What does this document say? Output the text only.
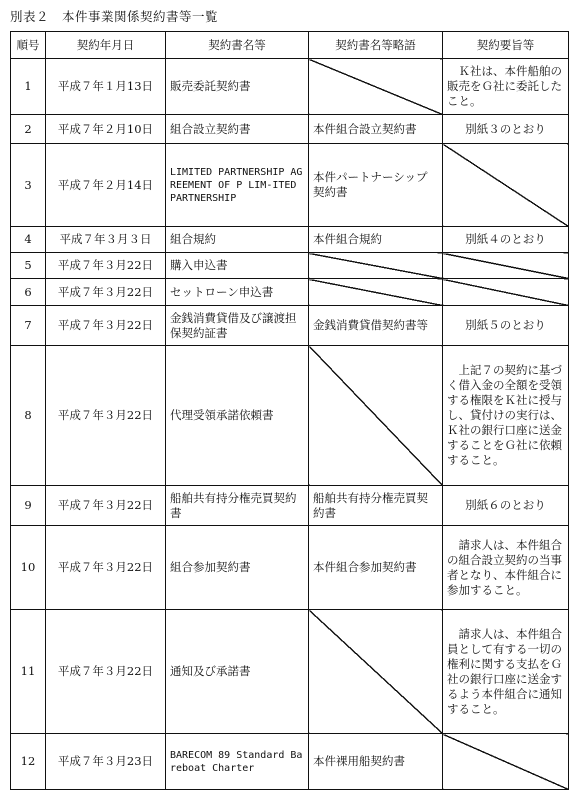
別表２　本件事業関係契約書等一覧
順号	契約年月日	契約書名等	契約書名等略語	契約要旨等
1	平成７年１月13日	販売委託契約書		Ｋ社は、本件船舶の販売をＧ社に委託したこと。

2	平成７年２月10日	組合設立契約書	本件組合設立契約書	別紙３のとおり
3	平成７年２月14日	LIMITED PARTNERSHIP AGREEMENT OF P LIM-ITED PARTNERSHIP	本件パートナーシップ契約書	
4	平成７年３月３日	組合規約	本件組合規約	別紙４のとおり
5	平成７年３月22日	購入申込書		
6	平成７年３月22日	セットローン申込書		
7	平成７年３月22日	金銭消費貸借及び譲渡担保契約証書	金銭消費貸借契約書等	別紙５のとおり
8	平成７年３月22日	代理受領承諾依頼書		上記７の契約に基づく借入金の全額を受領する権限をＫ社に授与し、貸付けの実行は、Ｋ社の銀行口座に送金することをＧ社に依頼すること。

9	平成７年３月22日	船舶共有持分権売買契約書	船舶共有持分権売買契約書	別紙６のとおり
10	平成７年３月22日	組合参加契約書	本件組合参加契約書	請求人は、本件組合の組合設立契約の当事者となり、本件組合に参加すること。

11	平成７年３月22日	通知及び承諾書		請求人は、本件組合員として有する一切の権利に関する支払をＧ社の銀行口座に送金するよう本件組合に通知すること。

12	平成７年３月23日	BARECOM 89 Standard Bareboat Charter	本件裸用船契約書	
